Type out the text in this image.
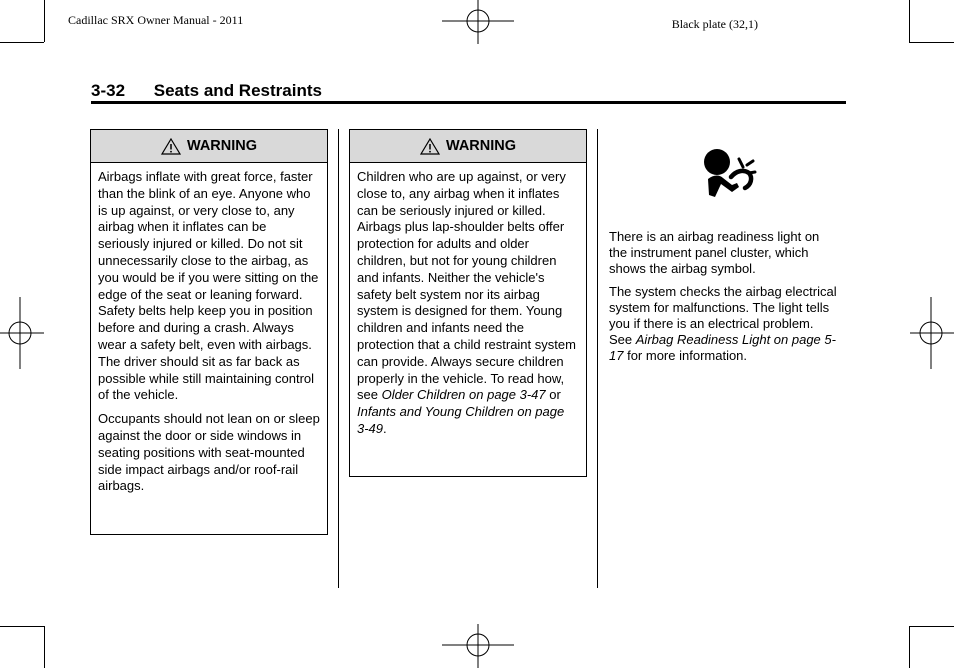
Cadillac SRX Owner Manual - 2011	Black plate (32,1)
3-32 Seats and Restraints
WARNING

Airbags inflate with great force, faster than the blink of an eye. Anyone who is up against, or very close to, any airbag when it inflates can be seriously injured or killed. Do not sit unnecessarily close to the airbag, as you would be if you were sitting on the edge of the seat or leaning forward. Safety belts help keep you in position before and during a crash. Always wear a safety belt, even with airbags. The driver should sit as far back as possible while still maintaining control of the vehicle.

Occupants should not lean on or sleep against the door or side windows in seating positions with seat-mounted side impact airbags and/or roof-rail airbags.

WARNING

Children who are up against, or very close to, any airbag when it inflates can be seriously injured or killed. Airbags plus lap-shoulder belts offer protection for adults and older children, but not for young children and infants. Neither the vehicle's safety belt system nor its airbag system is designed for them. Young children and infants need the protection that a child restraint system can provide. Always secure children properly in the vehicle. To read how, see Older Children on page 3-47 or Infants and Young Children on page 3-49.

There is an airbag readiness light on the instrument panel cluster, which shows the airbag symbol.

The system checks the airbag electrical system for malfunctions. The light tells you if there is an electrical problem. See Airbag Readiness Light on page 5-17 for more information.
